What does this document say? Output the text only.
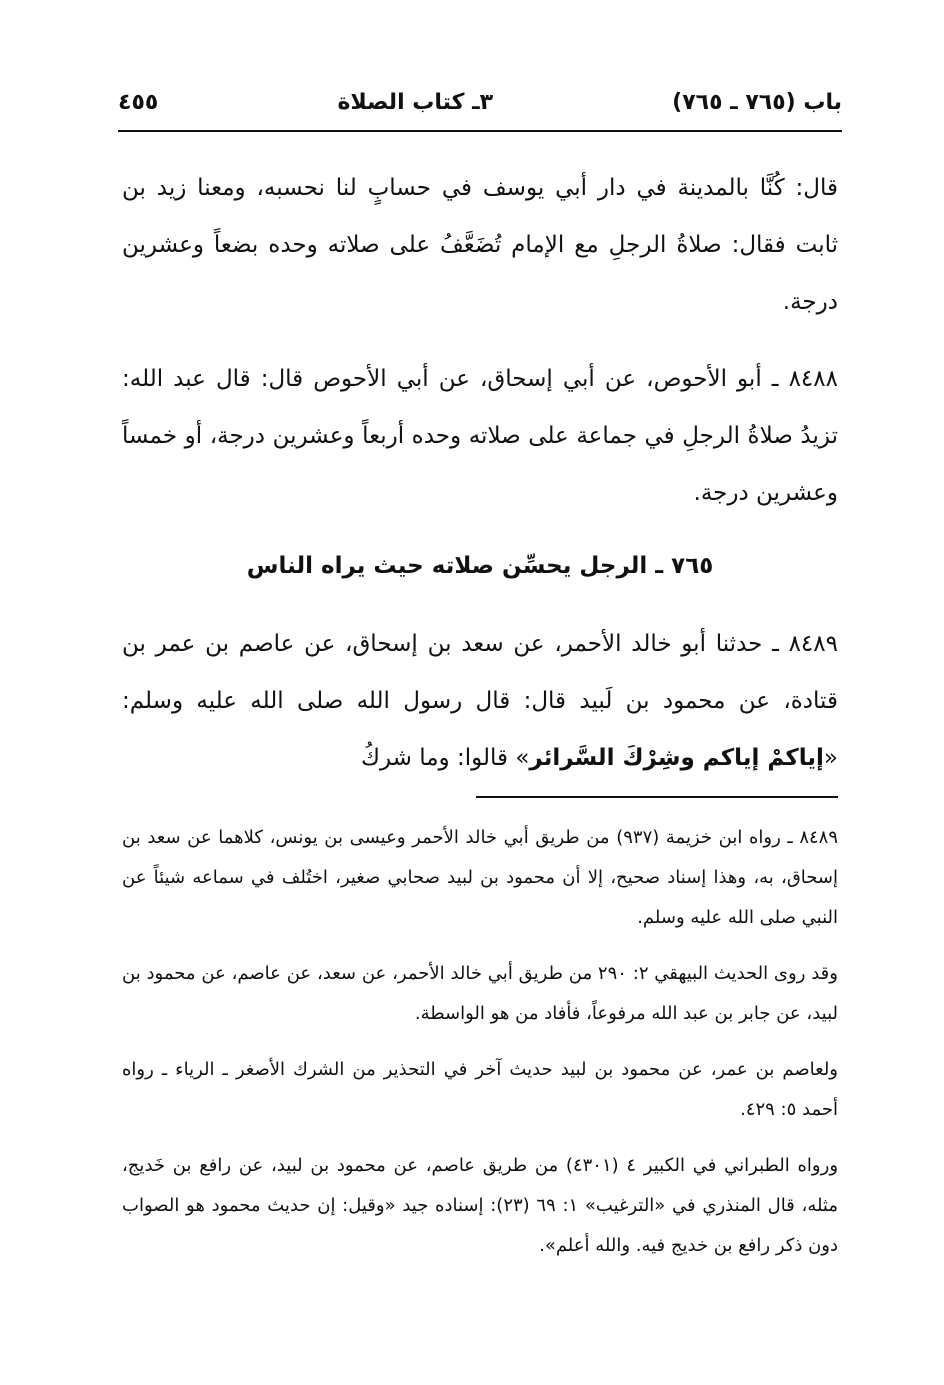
باب (٧٦٥ ـ ٧٦٥)
٣ـ كتاب الصلاة
٤٥٥

قال: كُنَّا بالمدينة في دار أبي يوسف في حسابٍ لنا نحسبه، ومعنا زيد بن ثابت فقال: صلاةُ الرجلِ مع الإمام تُضَعَّفُ على صلاته وحده بضعاً وعشرين درجة.

٨٤٨٨ ـ أبو الأحوص، عن أبي إسحاق، عن أبي الأحوص قال: قال عبد الله: تزيدُ صلاةُ الرجلِ في جماعة على صلاته وحده أربعاً وعشرين درجة، أو خمساً وعشرين درجة.

٧٦٥ ـ الرجل يحسِّن صلاته حيث يراه الناس

٨٤٨٩ ـ حدثنا أبو خالد الأحمر، عن سعد بن إسحاق، عن عاصم بن عمر بن قتادة، عن محمود بن لَبيد قال: قال رسول الله صلى الله عليه وسلم: «إياكمْ إياكم وشِرْكَ السَّرائر» قالوا: وما شركُ

٨٤٨٩ ـ رواه ابن خزيمة (٩٣٧) من طريق أبي خالد الأحمر وعيسى بن يونس، كلاهما عن سعد بن إسحاق، به، وهذا إسناد صحيح، إلا أن محمود بن لبيد صحابي صغير، اختُلف في سماعه شيئاً عن النبي صلى الله عليه وسلم.

وقد روى الحديث البيهقي ٢: ٢٩٠ من طريق أبي خالد الأحمر، عن سعد، عن عاصم، عن محمود بن لبيد، عن جابر بن عبد الله مرفوعاً، فأفاد من هو الواسطة.

ولعاصم بن عمر، عن محمود بن لبيد حديث آخر في التحذير من الشرك الأصغر ـ الرياء ـ رواه أحمد ٥: ٤٢٩.

ورواه الطبراني في الكبير ٤ (٤٣٠١) من طريق عاصم، عن محمود بن لبيد، عن رافع بن خَديج، مثله، قال المنذري في «الترغيب» ١: ٦٩ (٢٣): إسناده جيد «وقيل: إن حديث محمود هو الصواب دون ذكر رافع بن خديج فيه. والله أعلم».
